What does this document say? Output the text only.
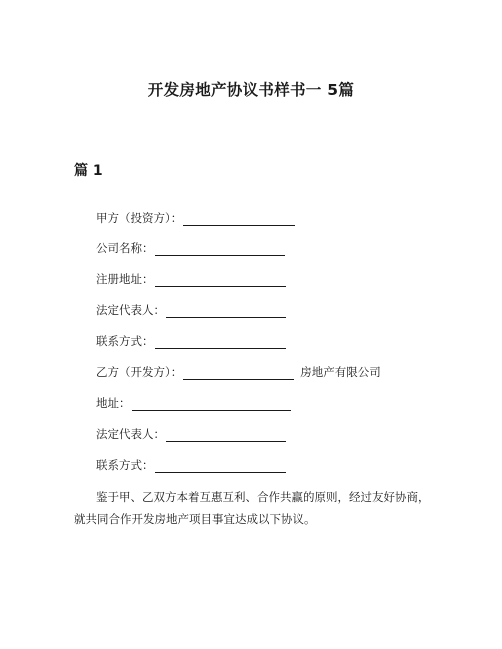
开发房地产协议书样书一 5篇
篇 1
甲方（投资方）：
公司名称：
注册地址：
法定代表人：
联系方式：
乙方（开发方）：	房地产有限公司
地址：
法定代表人：
联系方式：
鉴于甲、乙双方本着互惠互利、合作共赢的原则，经过友好协商，就共同合作开发房地产项目事宜达成以下协议。
